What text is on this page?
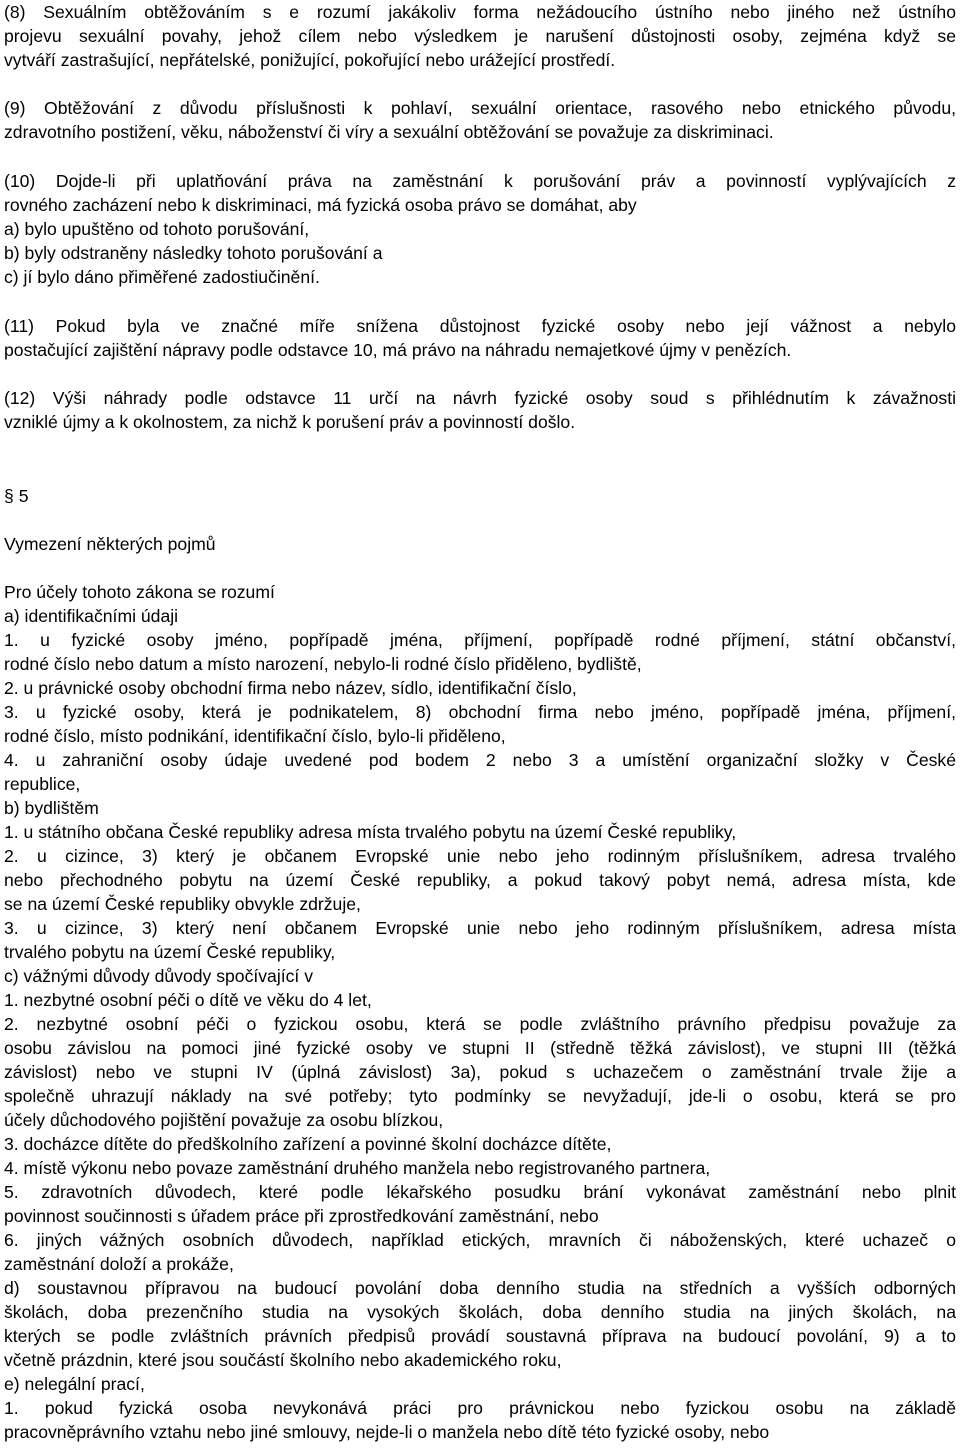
(8) Sexuálním obtěžováním s e rozumí jakákoliv forma nežádoucího ústního nebo jiného než ústního
projevu sexuální povahy, jehož cílem nebo výsledkem je narušení důstojnosti osoby, zejména když se
vytváří zastrašující, nepřátelské, ponižující, pokořující nebo urážející prostředí.
(9) Obtěžování z důvodu příslušnosti k pohlaví, sexuální orientace, rasového nebo etnického původu,
zdravotního postižení, věku, náboženství či víry a sexuální obtěžování se považuje za diskriminaci.
(10) Dojde-li při uplatňování práva na zaměstnání k porušování práv a povinností vyplývajících z
rovného zacházení nebo k diskriminaci, má fyzická osoba právo se domáhat, aby
a) bylo upuštěno od tohoto porušování,
b) byly odstraněny následky tohoto porušování a
c) jí bylo dáno přiměřené zadostiučinění.
(11) Pokud byla ve značné míře snížena důstojnost fyzické osoby nebo její vážnost a nebylo
postačující zajištění nápravy podle odstavce 10, má právo na náhradu nemajetkové újmy v penězích.
(12) Výši náhrady podle odstavce 11 určí na návrh fyzické osoby soud s přihlédnutím k závažnosti
vzniklé újmy a k okolnostem, za nichž k porušení práv a povinností došlo.
§ 5
Vymezení některých pojmů
Pro účely tohoto zákona se rozumí
a) identifikačními údaji
1. u fyzické osoby jméno, popřípadě jména, příjmení, popřípadě rodné příjmení, státní občanství,
rodné číslo nebo datum a místo narození, nebylo-li rodné číslo přiděleno, bydliště,
2. u právnické osoby obchodní firma nebo název, sídlo, identifikační číslo,
3. u fyzické osoby, která je podnikatelem, 8) obchodní firma nebo jméno, popřípadě jména, příjmení,
rodné číslo, místo podnikání, identifikační číslo, bylo-li přiděleno,
4. u zahraniční osoby údaje uvedené pod bodem 2 nebo 3 a umístění organizační složky v České
republice,
b) bydlištěm
1. u státního občana České republiky adresa místa trvalého pobytu na území České republiky,
2. u cizince, 3) který je občanem Evropské unie nebo jeho rodinným příslušníkem, adresa trvalého
nebo přechodného pobytu na území České republiky, a pokud takový pobyt nemá, adresa místa, kde
se na území České republiky obvykle zdržuje,
3. u cizince, 3) který není občanem Evropské unie nebo jeho rodinným příslušníkem, adresa místa
trvalého pobytu na území České republiky,
c) vážnými důvody důvody spočívající v
1. nezbytné osobní péči o dítě ve věku do 4 let,
2. nezbytné osobní péči o fyzickou osobu, která se podle zvláštního právního předpisu považuje za
osobu závislou na pomoci jiné fyzické osoby ve stupni II (středně těžká závislost), ve stupni III (těžká
závislost) nebo ve stupni IV (úplná závislost) 3a), pokud s uchazečem o zaměstnání trvale žije a
společně uhrazují náklady na své potřeby; tyto podmínky se nevyžadují, jde-li o osobu, která se pro
účely důchodového pojištění považuje za osobu blízkou,
3. docházce dítěte do předškolního zařízení a povinné školní docházce dítěte,
4. místě výkonu nebo povaze zaměstnání druhého manžela nebo registrovaného partnera,
5. zdravotních důvodech, které podle lékařského posudku brání vykonávat zaměstnání nebo plnit
povinnost součinnosti s úřadem práce při zprostředkování zaměstnání, nebo
6. jiných vážných osobních důvodech, například etických, mravních či náboženských, které uchazeč o
zaměstnání doloží a prokáže,
d) soustavnou přípravou na budoucí povolání doba denního studia na středních a vyšších odborných
školách, doba prezenčního studia na vysokých školách, doba denního studia na jiných školách, na
kterých se podle zvláštních právních předpisů provádí soustavná příprava na budoucí povolání, 9) a to
včetně prázdnin, které jsou součástí školního nebo akademického roku,
e) nelegální prací,
1. pokud fyzická osoba nevykonává práci pro právnickou nebo fyzickou osobu na základě
pracovněprávního vztahu nebo jiné smlouvy, nejde-li o manžela nebo dítě této fyzické osoby, nebo
